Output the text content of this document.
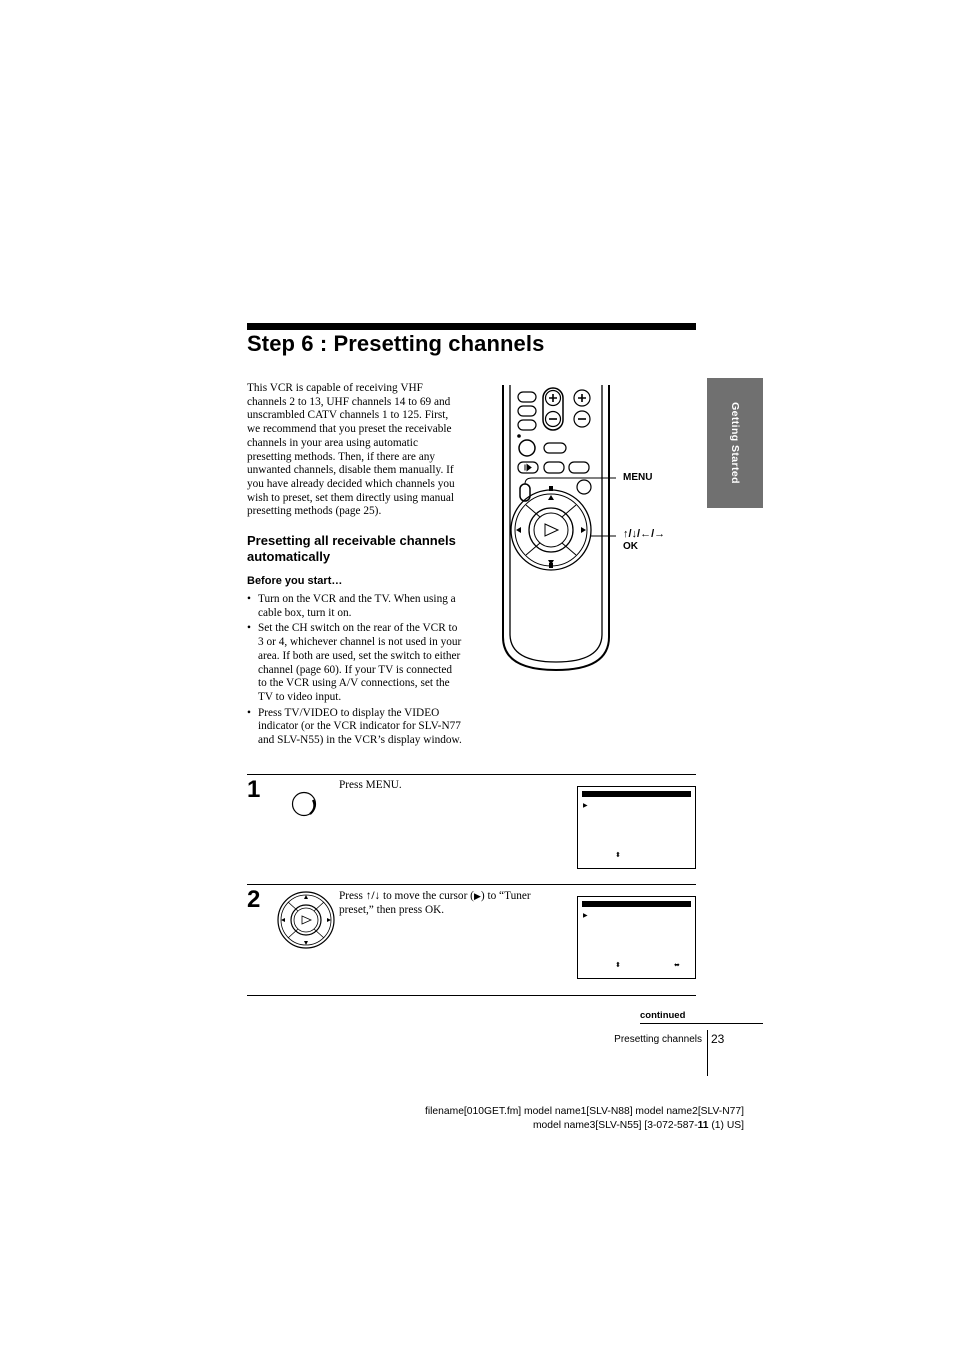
Step 6 : Presetting channels
Getting Started

This VCR is capable of receiving VHF channels 2 to 13, UHF channels 14 to 69 and unscrambled CATV channels 1 to 125. First, we recommend that you preset the receivable channels in your area using automatic presetting methods. Then, if there are any unwanted channels, disable them manually. If you have already decided which channels you wish to preset, set them directly using manual presetting methods (page 25).

Presetting all receivable channels automatically
Before you start…
• Turn on the VCR and the TV. When using a cable box, turn it on.
• Set the CH switch on the rear of the VCR to 3 or 4, whichever channel is not used in your area. If both are used, set the switch to either channel (page 60). If your TV is connected to the VCR using A/V connections, set the TV to video input.
• Press TV/VIDEO to display the VIDEO indicator (or the VCR indicator for SLV-N77 and SLV-N55) in the VCR’s display window.
MENU
↑/↓/←/→
OK
1	Press MENU.

▶
⬍
2	Press ↑/↓ to move the cursor (▶) to “Tuner preset,” then press OK.

▶
⬍	⬌
continued
Presetting channels 23

filename[010GET.fm] model name1[SLV-N88] model name2[SLV-N77]
model name3[SLV-N55] [3-072-587-11 (1) US]
